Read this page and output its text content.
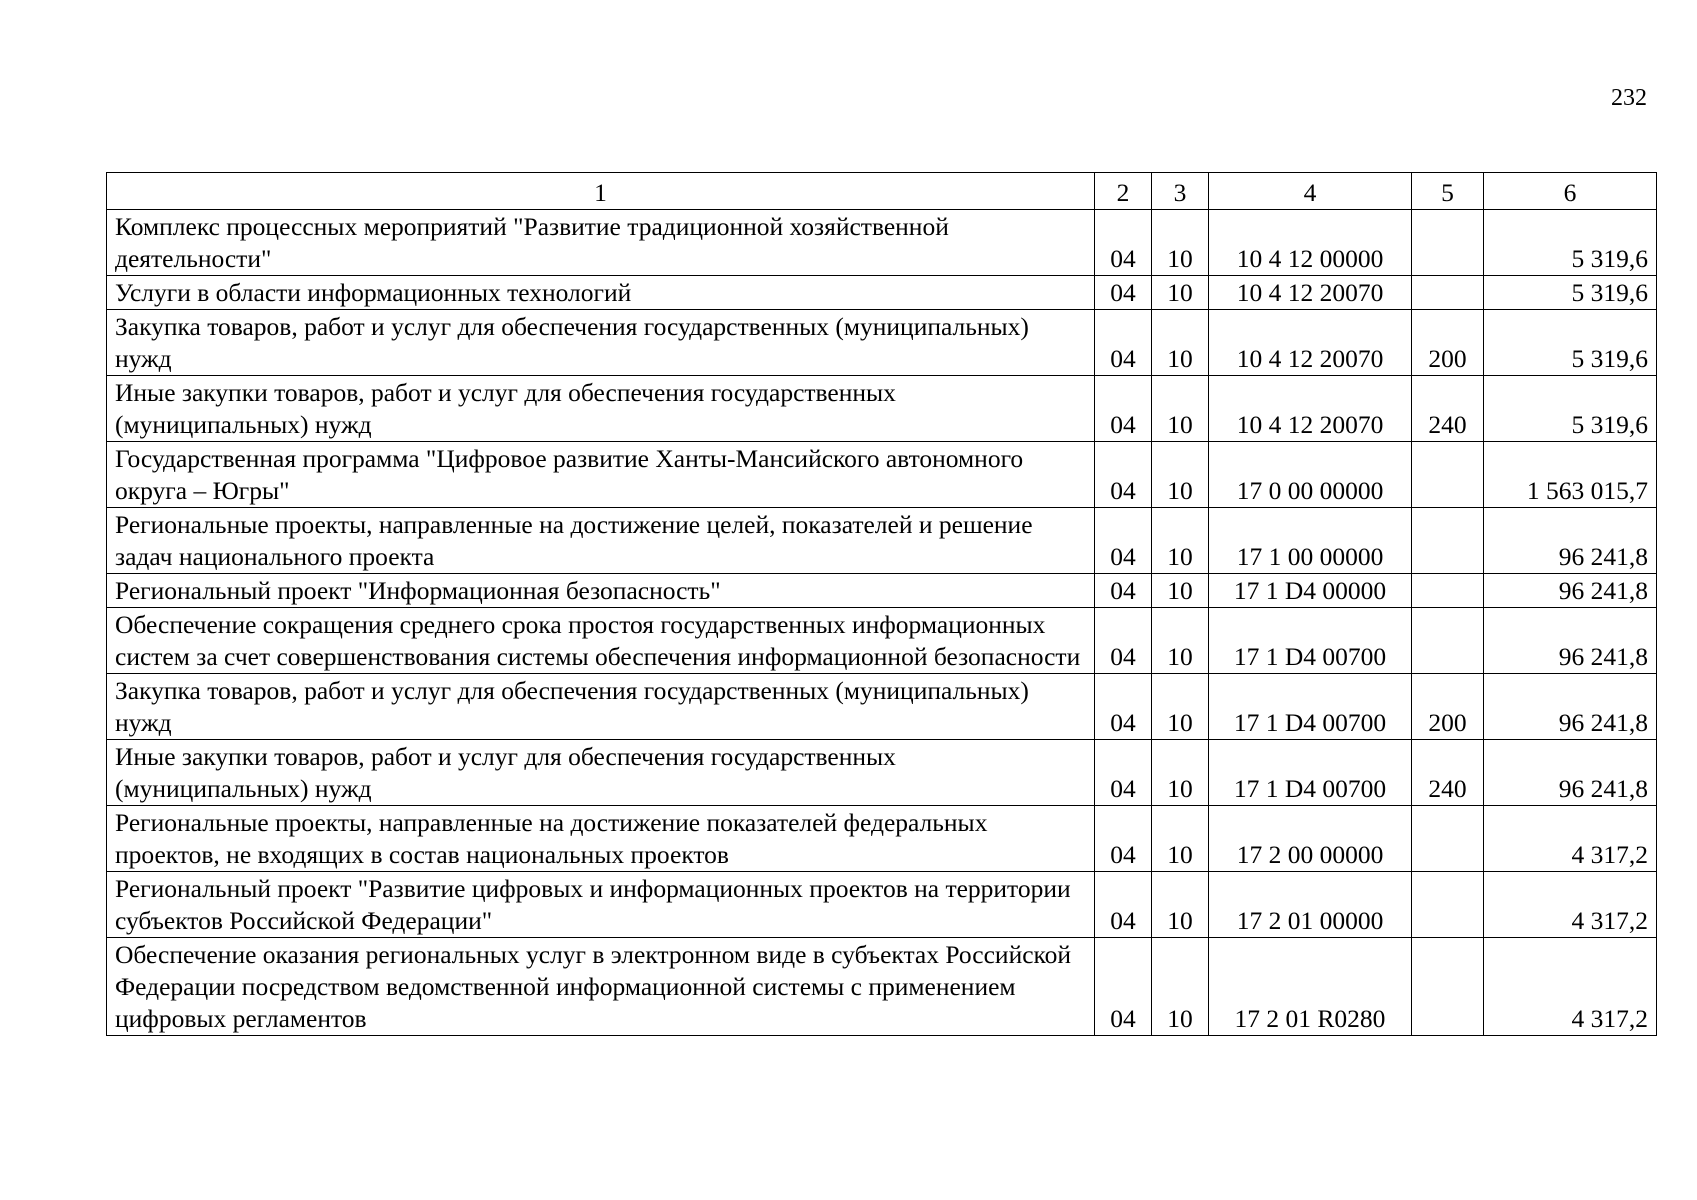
232
1	2	3	4	5	6
Комплекс процессных мероприятий "Развитие традиционной хозяйственной деятельности"	04	10	10 4 12 00000		5 319,6
Услуги в области информационных технологий	04	10	10 4 12 20070		5 319,6
Закупка товаров, работ и услуг для обеспечения государственных (муниципальных) нужд	04	10	10 4 12 20070	200	5 319,6
Иные закупки товаров, работ и услуг для обеспечения государственных (муниципальных) нужд	04	10	10 4 12 20070	240	5 319,6
Государственная программа "Цифровое развитие Ханты-Мансийского автономного округа – Югры"	04	10	17 0 00 00000		1 563 015,7
Региональные проекты, направленные на достижение целей, показателей и решение задач национального проекта	04	10	17 1 00 00000		96 241,8
Региональный проект "Информационная безопасность"	04	10	17 1 D4 00000		96 241,8
Обеспечение сокращения среднего срока простоя государственных информационных систем за счет совершенствования системы обеспечения информационной безопасности	04	10	17 1 D4 00700		96 241,8
Закупка товаров, работ и услуг для обеспечения государственных (муниципальных) нужд	04	10	17 1 D4 00700	200	96 241,8
Иные закупки товаров, работ и услуг для обеспечения государственных (муниципальных) нужд	04	10	17 1 D4 00700	240	96 241,8
Региональные проекты, направленные на достижение показателей федеральных проектов, не входящих в состав национальных проектов	04	10	17 2 00 00000		4 317,2
Региональный проект "Развитие цифровых и информационных проектов на территории субъектов Российской Федерации"	04	10	17 2 01 00000		4 317,2
Обеспечение оказания региональных услуг в электронном виде в субъектах Российской Федерации посредством ведомственной информационной системы с применением цифровых регламентов	04	10	17 2 01 R0280		4 317,2
